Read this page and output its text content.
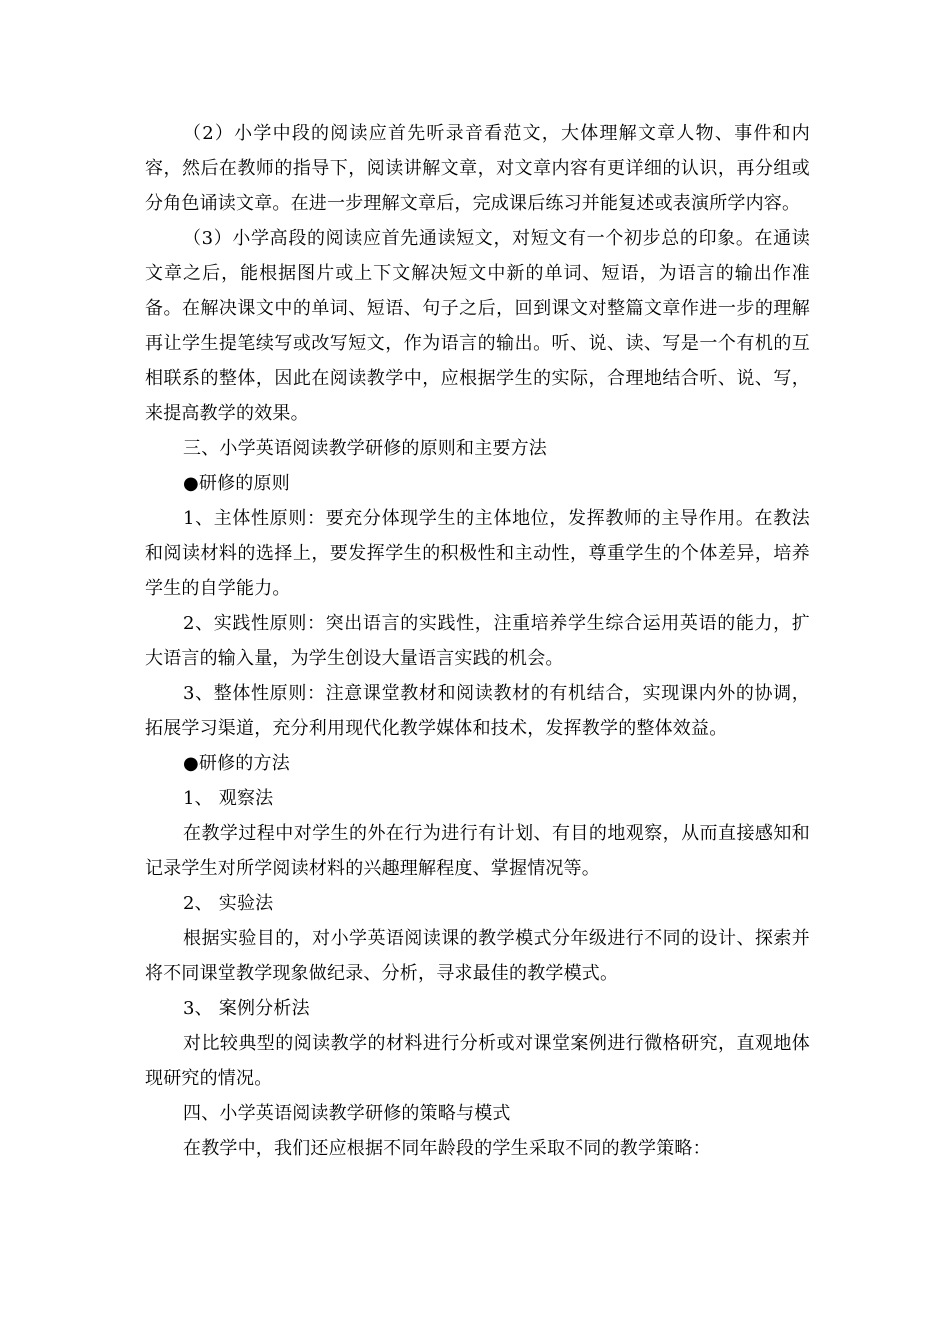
（2）小学中段的阅读应首先听录音看范文，大体理解文章人物、事件和内容，然后在教师的指导下，阅读讲解文章，对文章内容有更详细的认识，再分组或分角色诵读文章。在进一步理解文章后，完成课后练习并能复述或表演所学内容。

（3）小学高段的阅读应首先通读短文，对短文有一个初步总的印象。在通读文章之后，能根据图片或上下文解决短文中新的单词、短语，为语言的输出作准备。在解决课文中的单词、短语、句子之后，回到课文对整篇文章作进一步的理解再让学生提笔续写或改写短文，作为语言的输出。听、说、读、写是一个有机的互相联系的整体，因此在阅读教学中，应根据学生的实际，合理地结合听、说、写，来提高教学的效果。

三、小学英语阅读教学研修的原则和主要方法

●研修的原则

1、主体性原则：要充分体现学生的主体地位，发挥教师的主导作用。在教法和阅读材料的选择上，要发挥学生的积极性和主动性，尊重学生的个体差异，培养学生的自学能力。

2、实践性原则：突出语言的实践性，注重培养学生综合运用英语的能力，扩大语言的输入量，为学生创设大量语言实践的机会。

3、整体性原则：注意课堂教材和阅读教材的有机结合，实现课内外的协调，拓展学习渠道，充分利用现代化教学媒体和技术，发挥教学的整体效益。

●研修的方法

1、 观察法

在教学过程中对学生的外在行为进行有计划、有目的地观察，从而直接感知和记录学生对所学阅读材料的兴趣理解程度、掌握情况等。

2、 实验法

根据实验目的，对小学英语阅读课的教学模式分年级进行不同的设计、探索并将不同课堂教学现象做纪录、分析，寻求最佳的教学模式。

3、 案例分析法

对比较典型的阅读教学的材料进行分析或对课堂案例进行微格研究，直观地体现研究的情况。

四、小学英语阅读教学研修的策略与模式

在教学中，我们还应根据不同年龄段的学生采取不同的教学策略：
